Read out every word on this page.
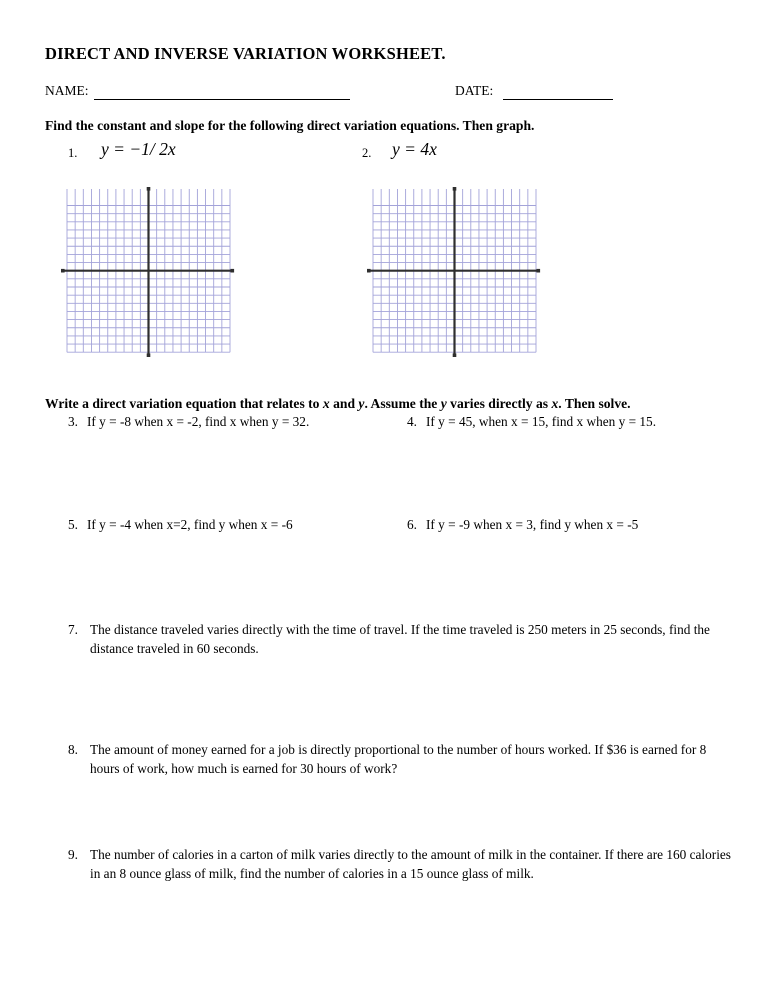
DIRECT AND INVERSE VARIATION WORKSHEET.
NAME:	DATE:
Find the constant and slope for the following direct variation equations. Then graph.
1. y = −1/ 2x	2. y = 4x
Write a direct variation equation that relates to x and y. Assume the y varies directly as x. Then solve.
3. If y = -8 when x = -2, find x when y = 32.	4. If y = 45, when x = 15, find x when y = 15.
5. If y = -4 when x=2, find y when x = -6	6. If y = -9 when x = 3, find y when x = -5
7. The distance traveled varies directly with the time of travel. If the time traveled is 250 meters in 25 seconds, find the distance traveled in 60 seconds.
8. The amount of money earned for a job is directly proportional to the number of hours worked. If $36 is earned for 8 hours of work, how much is earned for 30 hours of work?
9. The number of calories in a carton of milk varies directly to the amount of milk in the container. If there are 160 calories in an 8 ounce glass of milk, find the number of calories in a 15 ounce glass of milk.
